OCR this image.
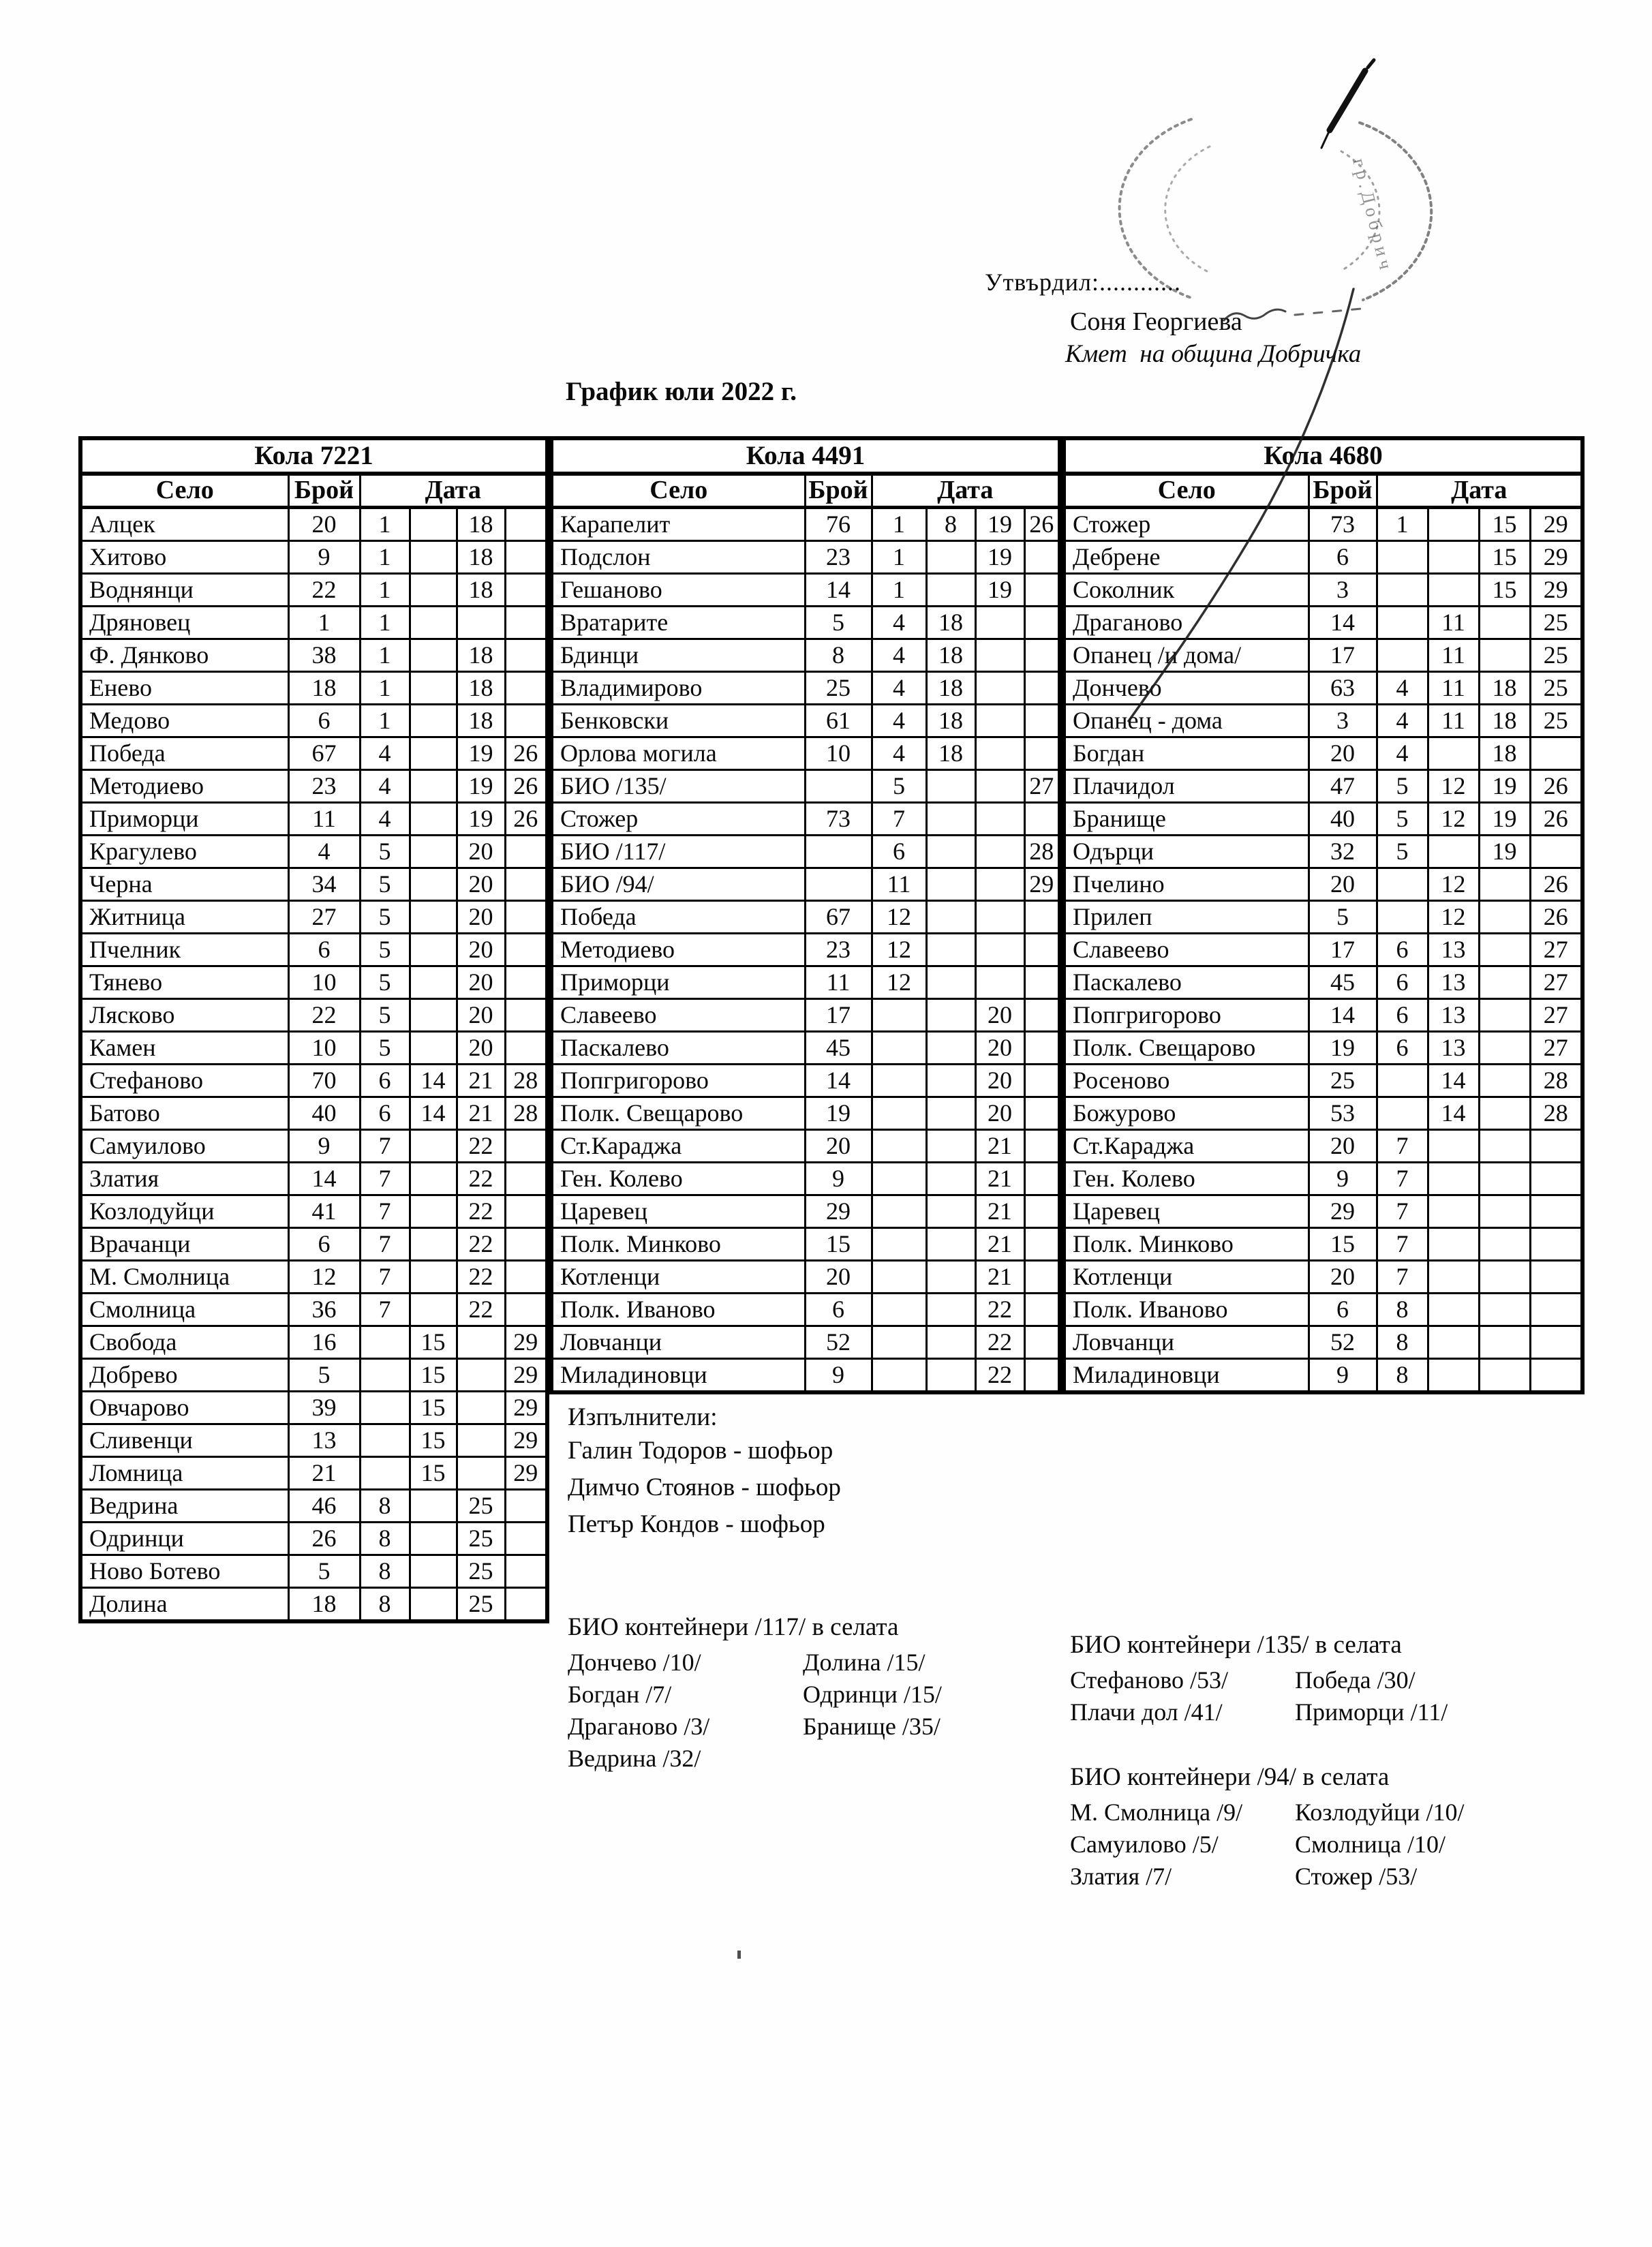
Утвърдил:............
Соня Георгиева
Кмет  на община Добричка
График юли 2022 г.
Кола 7221					
Село	Брой	Дата			
Алцек	20	1		18	
Хитово	9	1		18	
Воднянци	22	1		18	
Дряновец	1	1			
Ф. Дянково	38	1		18	
Енево	18	1		18	
Медово	6	1		18	
Победа	67	4		19	26
Методиево	23	4		19	26
Приморци	11	4		19	26
Крагулево	4	5		20	
Черна	34	5		20	
Житница	27	5		20	
Пчелник	6	5		20	
Тянево	10	5		20	
Лясково	22	5		20	
Камен	10	5		20	
Стефаново	70	6	14	21	28
Батово	40	6	14	21	28
Самуилово	9	7		22	
Златия	14	7		22	
Козлодуйци	41	7		22	
Врачанци	6	7		22	
М. Смолница	12	7		22	
Смолница	36	7		22	
Свобода	16		15		29
Добрево	5		15		29
Овчарово	39		15		29
Сливенци	13		15		29
Ломница	21		15		29
Ведрина	46	8		25	
Одринци	26	8		25	
Ново Ботево	5	8		25	
Долина	18	8		25	
Кола 4491					
Село	Брой	Дата			
Карапелит	76	1	8	19	26
Подслон	23	1		19	
Гешаново	14	1		19	
Вратарите	5	4	18		
Бдинци	8	4	18		
Владимирово	25	4	18		
Бенковски	61	4	18		
Орлова могила	10	4	18		
БИО /135/		5			27
Стожер	73	7			
БИО /117/		6			28
БИО /94/		11			29
Победа	67	12			
Методиево	23	12			
Приморци	11	12			
Славеево	17			20	
Паскалево	45			20	
Попгригорово	14			20	
Полк. Свещарово	19			20	
Ст.Караджа	20			21	
Ген. Колево	9			21	
Царевец	29			21	
Полк. Минково	15			21	
Котленци	20			21	
Полк. Иваново	6			22	
Ловчанци	52			22	
Миладиновци	9			22	
Кола 4680					
Село	Брой	Дата			
Стожер	73	1		15	29
Дебрене	6			15	29
Соколник	3			15	29
Драганово	14		11		25
Опанец /и дома/	17		11		25
Дончево	63	4	11	18	25
Опанец - дома	3	4	11	18	25
Богдан	20	4		18	
Плачидол	47	5	12	19	26
Бранище	40	5	12	19	26
Одърци	32	5		19	
Пчелино	20		12		26
Прилеп	5		12		26
Славеево	17	6	13		27
Паскалево	45	6	13		27
Попгригорово	14	6	13		27
Полк. Свещарово	19	6	13		27
Росеново	25		14		28
Божурово	53		14		28
Ст.Караджа	20	7			
Ген. Колево	9	7			
Царевец	29	7			
Полк. Минково	15	7			
Котленци	20	7			
Полк. Иваново	6	8			
Ловчанци	52	8			
Миладиновци	9	8			
Изпълнители:
Галин Тодоров - шофьор
Димчо Стоянов - шофьор
Петър Кондов - шофьор
БИО контейнери /117/ в селата
Дончево /10/	Долина /15/
Богдан /7/	Одринци /15/
Драганово /3/	Бранище /35/
Ведрина /32/	
БИО контейнери /135/ в селата
Стефаново /53/	Победа /30/
Плачи дол /41/	Приморци /11/
БИО контейнери /94/ в селата
М. Смолница /9/	Козлодуйци /10/
Самуилово /5/	Смолница /10/
Златия /7/	Стожер /53/
гр.Добрич
